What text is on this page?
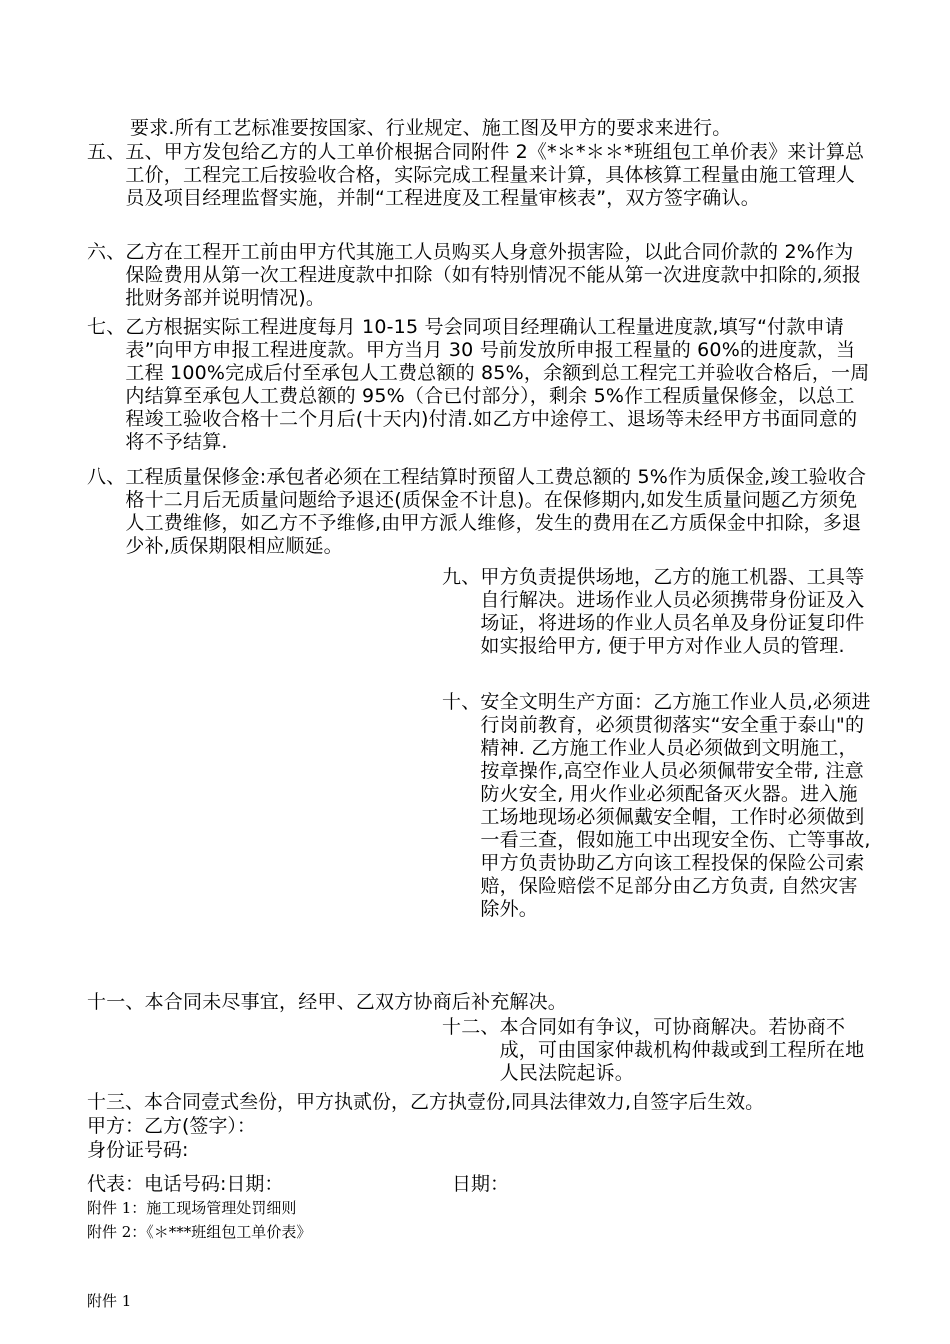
要求.所有工艺标准要按国家、行业规定、施工图及甲方的要求来进行。
五、 五、甲方发包给乙方的人工单价根据合同附件 2《*＊*＊＊*班组包工单价表》来计算总工价，工程完工后按验收合格，实际完成工程量来计算，具体核算工程量由施工管理人员及项目经理监督实施，并制“工程进度及工程量审核表”，双方签字确认。
六、 乙方在工程开工前由甲方代其施工人员购买人身意外损害险，以此合同价款的 2%作为保险费用从第一次工程进度款中扣除（如有特别情况不能从第一次进度款中扣除的,须报批财务部并说明情况)。
七、 乙方根据实际工程进度每月 10-15 号会同项目经理确认工程量进度款,填写“付款申请表”向甲方申报工程进度款。甲方当月 30 号前发放所申报工程量的 60%的进度款，当工程 100%完成后付至承包人工费总额的 85%，余额到总工程完工并验收合格后，一周内结算至承包人工费总额的 95%（合已付部分），剩余 5%作工程质量保修金，以总工程竣工验收合格十二个月后(十天内)付清.如乙方中途停工、退场等未经甲方书面同意的将不予结算.
八、 工程质量保修金:承包者必须在工程结算时预留人工费总额的 5%作为质保金,竣工验收合格十二月后无质量问题给予退还(质保金不计息)。在保修期内,如发生质量问题乙方须免人工费维修，如乙方不予维修,由甲方派人维修，发生的费用在乙方质保金中扣除，多退少补,质保期限相应顺延。
九、 甲方负责提供场地，乙方的施工机器、工具等自行解决。进场作业人员必须携带身份证及入场证，将进场的作业人员名单及身份证复印件如实报给甲方, 便于甲方对作业人员的管理.
十、 安全文明生产方面：乙方施工作业人员,必须进行岗前教育，必须贯彻落实“安全重于泰山"的精神. 乙方施工作业人员必须做到文明施工，按章操作,高空作业人员必须佩带安全带, 注意防火安全, 用火作业必须配备灭火器。进入施工场地现场必须佩戴安全帽，工作时必须做到一看三查，假如施工中出现安全伤、亡等事故, 甲方负责协助乙方向该工程投保的保险公司索赔，保险赔偿不足部分由乙方负责, 自然灾害除外。
十一、本合同未尽事宜，经甲、乙双方协商后补充解决。
十二、 本合同如有争议，可协商解决。若协商不成，可由国家仲裁机构仲裁或到工程所在地人民法院起诉。
十三、本合同壹式叁份，甲方执贰份，乙方执壹份,同具法律效力,自签字后生效。
甲方：乙方(签字）：
身份证号码:
代表：电话号码:日期：	日期：
附件 1：施工现场管理处罚细则
附件 2：《＊***班组包工单价表》
附件 1
